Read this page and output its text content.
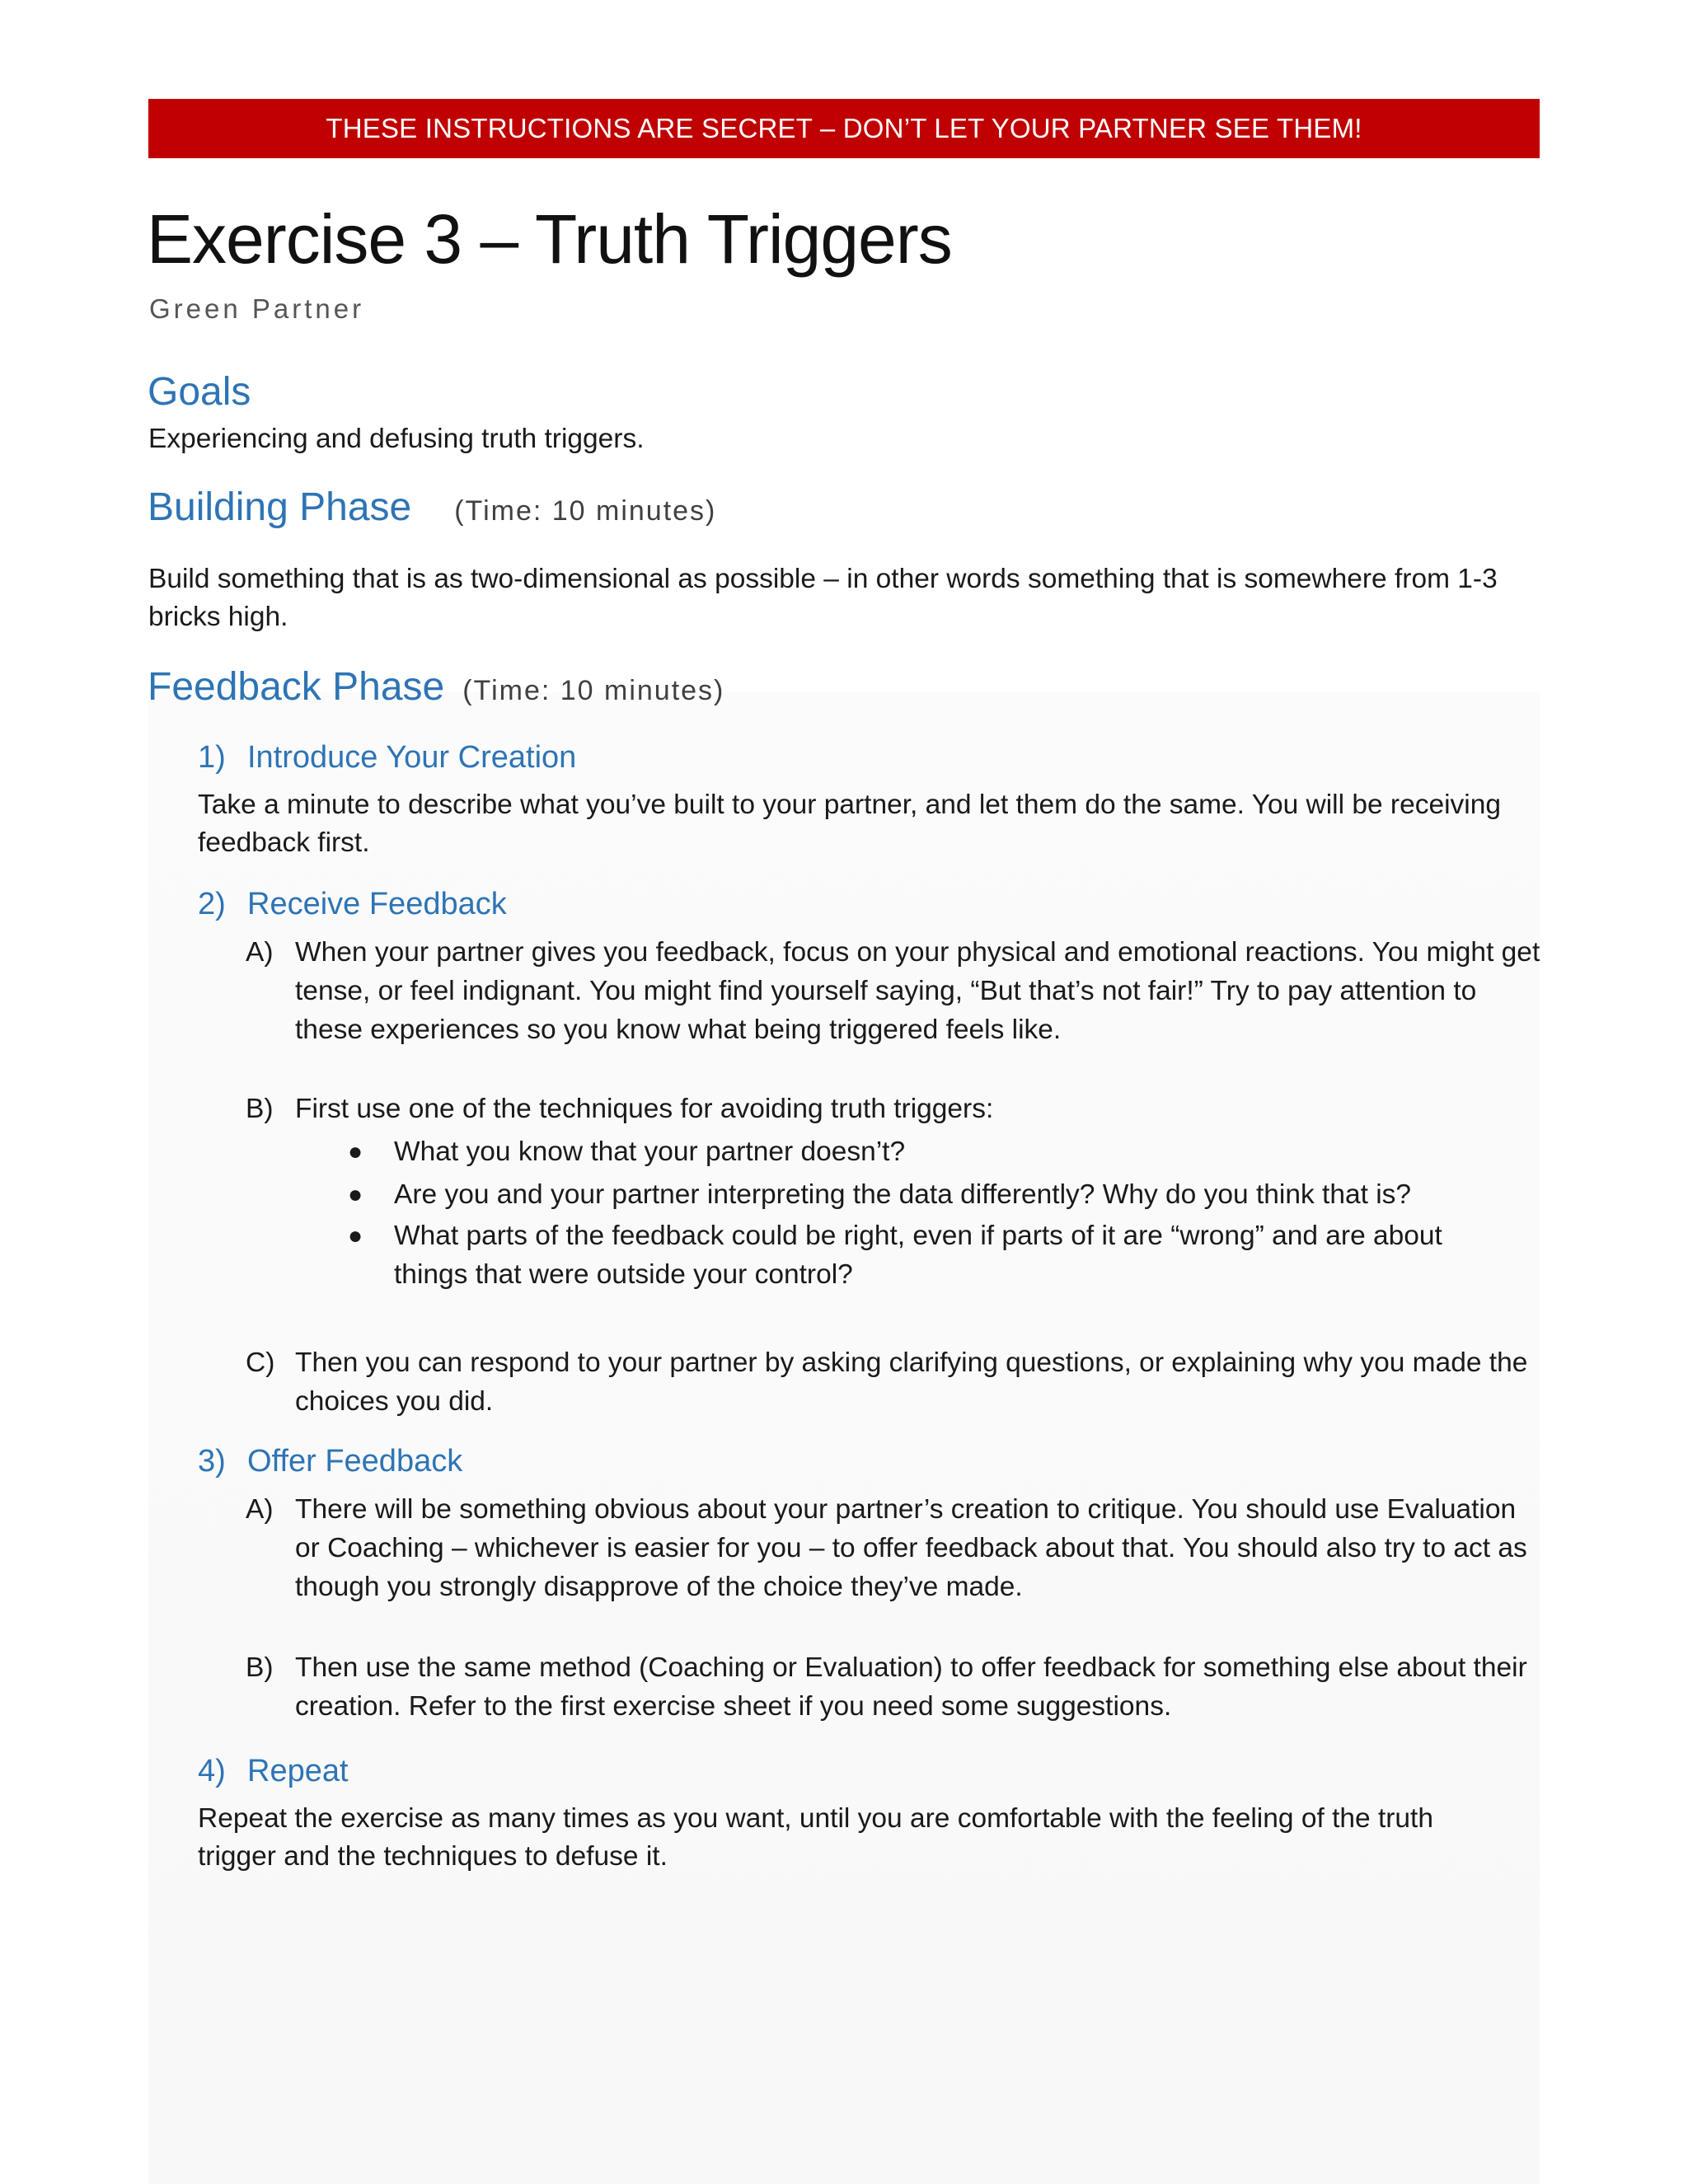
THESE INSTRUCTIONS ARE SECRET – DON’T LET YOUR PARTNER SEE THEM!
Exercise 3 – Truth Triggers
Green Partner
Goals
Experiencing and defusing truth triggers.
Building Phase (Time: 10 minutes)
Build something that is as two-dimensional as possible – in other words something that is somewhere from 1-3 bricks high.
Feedback Phase (Time: 10 minutes)
1) Introduce Your Creation
Take a minute to describe what you’ve built to your partner, and let them do the same. You will be receiving feedback first.
2) Receive Feedback
A) When your partner gives you feedback, focus on your physical and emotional reactions. You might get tense, or feel indignant. You might find yourself saying, “But that’s not fair!” Try to pay attention to these experiences so you know what being triggered feels like.
B) First use one of the techniques for avoiding truth triggers:
● What you know that your partner doesn’t?
● Are you and your partner interpreting the data differently? Why do you think that is?
● What parts of the feedback could be right, even if parts of it are “wrong” and are about things that were outside your control?
C) Then you can respond to your partner by asking clarifying questions, or explaining why you made the choices you did.
3) Offer Feedback
A) There will be something obvious about your partner’s creation to critique. You should use Evaluation or Coaching – whichever is easier for you – to offer feedback about that. You should also try to act as though you strongly disapprove of the choice they’ve made.
B) Then use the same method (Coaching or Evaluation) to offer feedback for something else about their creation. Refer to the first exercise sheet if you need some suggestions.
4) Repeat
Repeat the exercise as many times as you want, until you are comfortable with the feeling of the truth trigger and the techniques to defuse it.
